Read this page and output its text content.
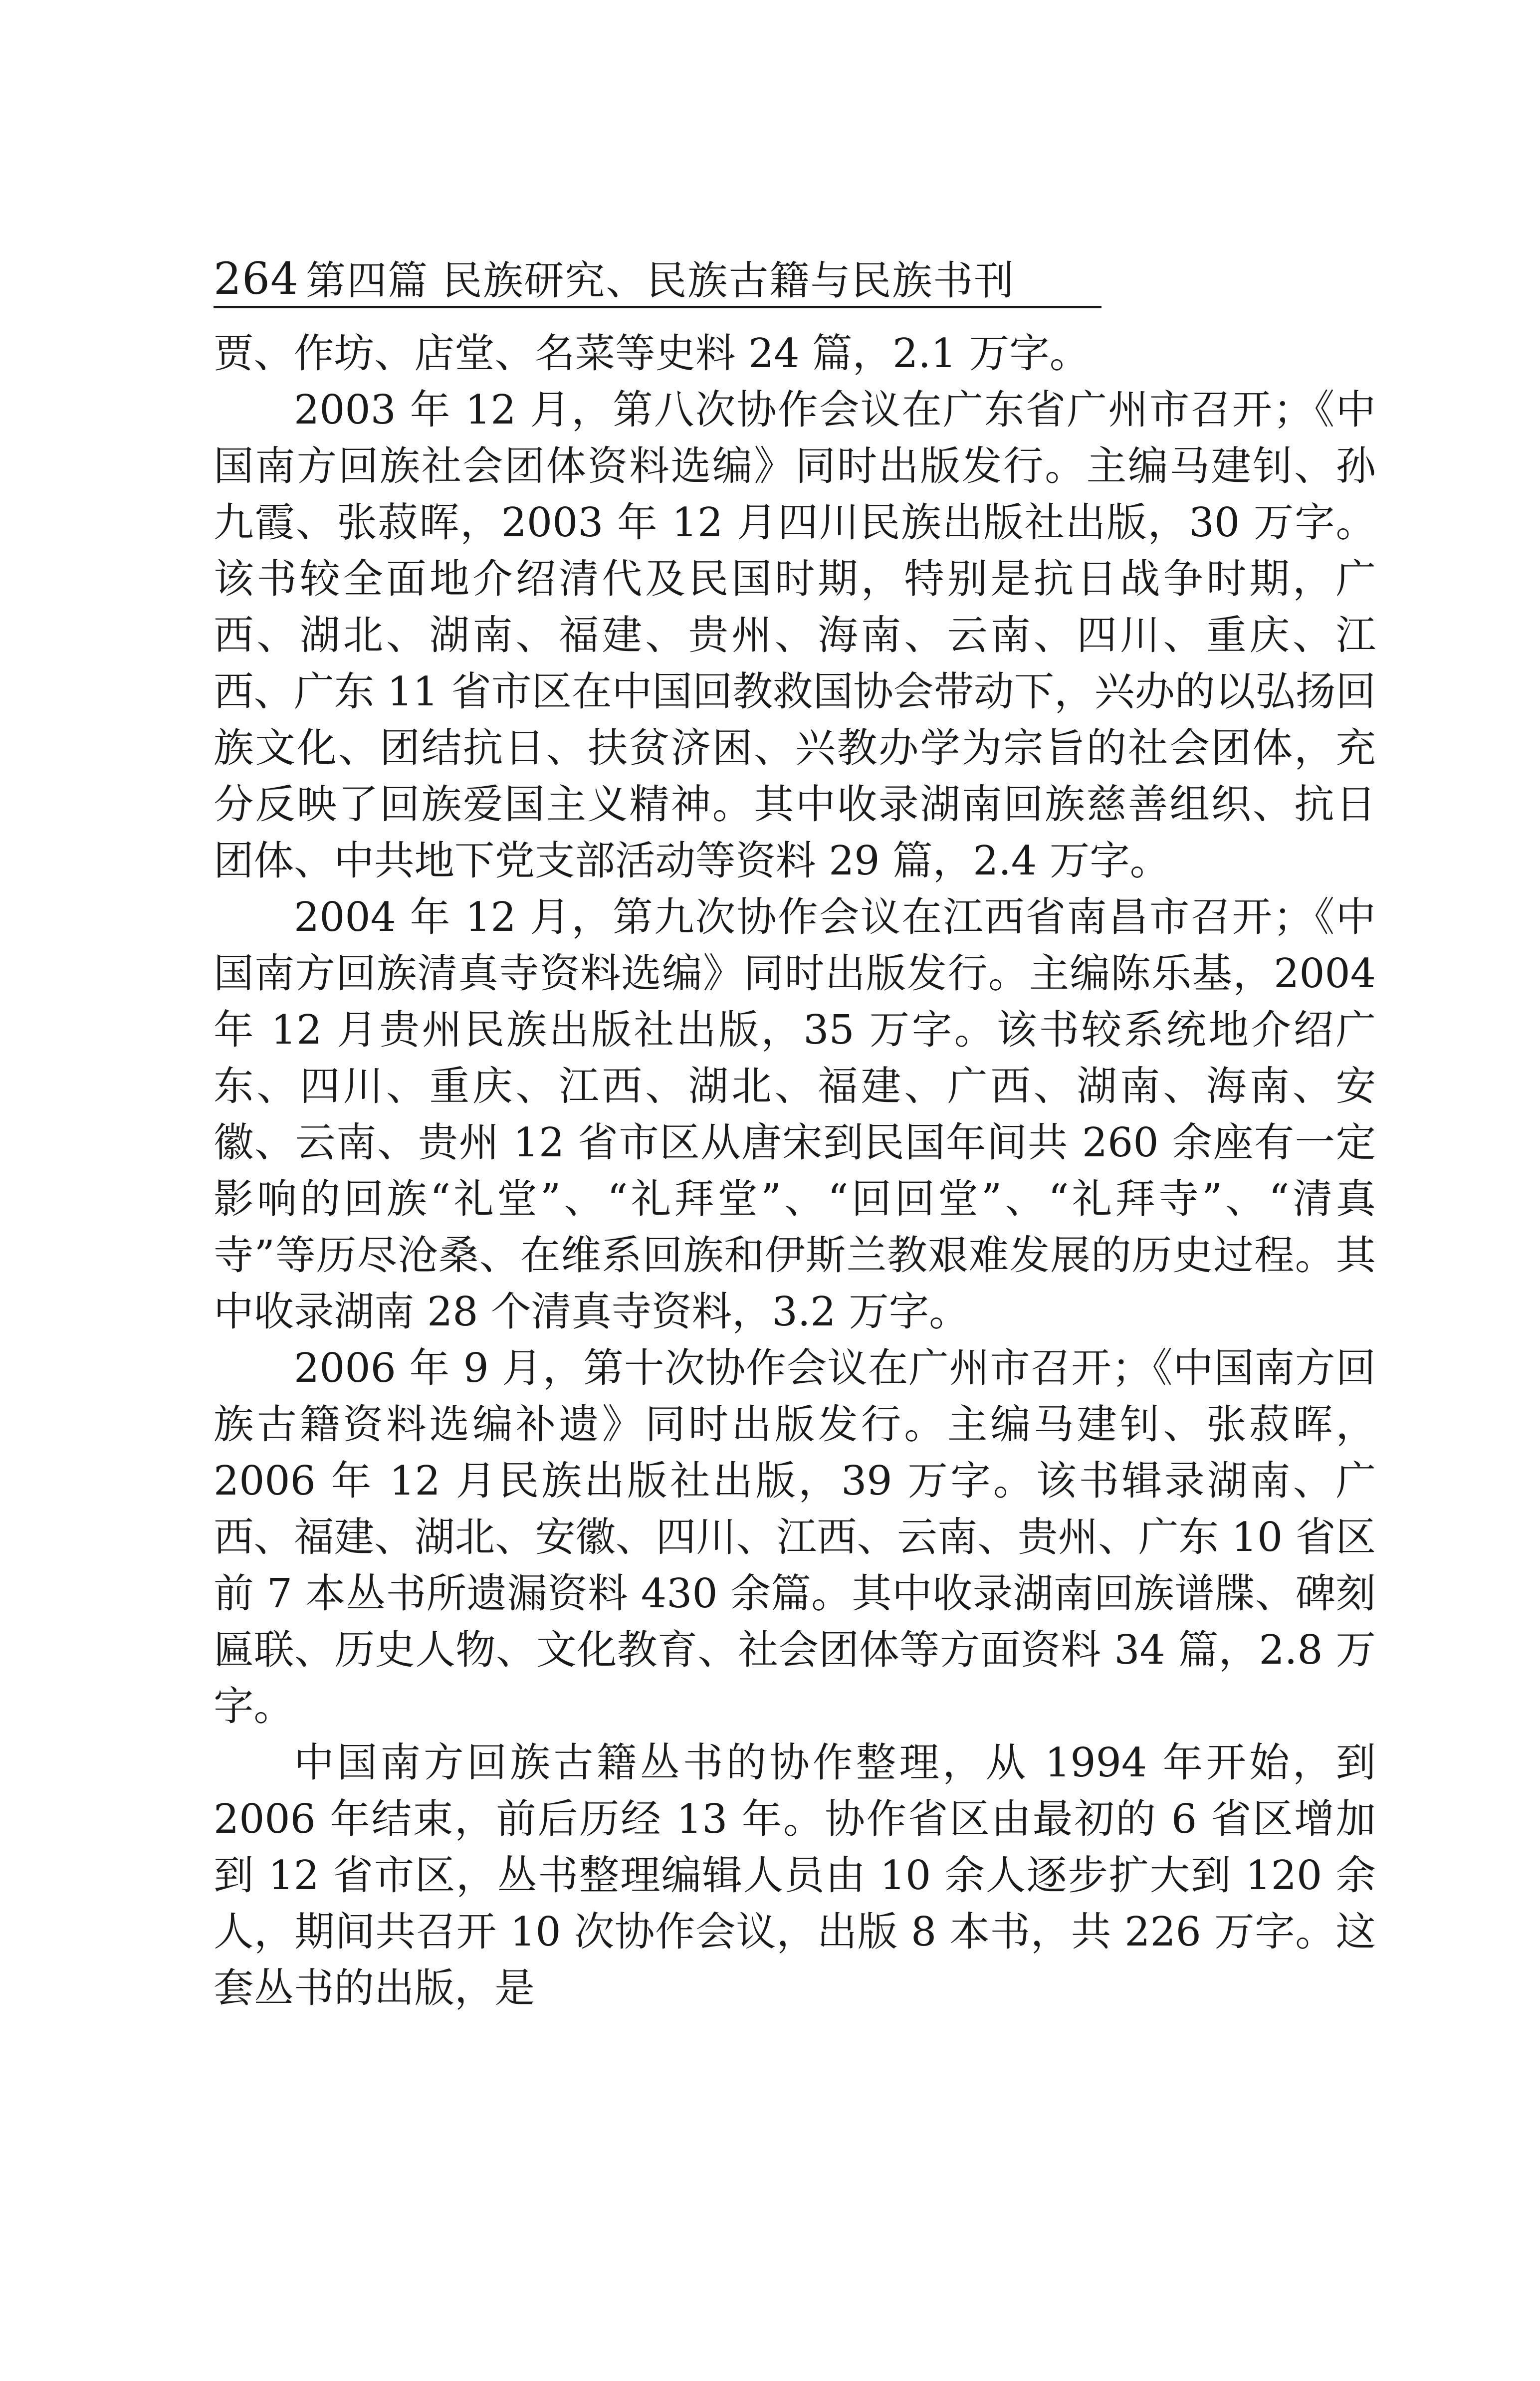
264 第四篇 民族研究、民族古籍与民族书刊

贾、作坊、店堂、名菜等史料 24 篇，2.1 万字。

2003 年 12 月，第八次协作会议在广东省广州市召开；《中国南方回族社会团体资料选编》同时出版发行。主编马建钊、孙九霞、张菽晖，2003 年 12 月四川民族出版社出版，30 万字。该书较全面地介绍清代及民国时期，特别是抗日战争时期，广西、湖北、湖南、福建、贵州、海南、云南、四川、重庆、江西、广东 11 省市区在中国回教救国协会带动下，兴办的以弘扬回族文化、团结抗日、扶贫济困、兴教办学为宗旨的社会团体，充分反映了回族爱国主义精神。其中收录湖南回族慈善组织、抗日团体、中共地下党支部活动等资料 29 篇，2.4 万字。

2004 年 12 月，第九次协作会议在江西省南昌市召开；《中国南方回族清真寺资料选编》同时出版发行。主编陈乐基，2004 年 12 月贵州民族出版社出版，35 万字。该书较系统地介绍广东、四川、重庆、江西、湖北、福建、广西、湖南、海南、安徽、云南、贵州 12 省市区从唐宋到民国年间共 260 余座有一定影响的回族“礼堂”、“礼拜堂”、“回回堂”、“礼拜寺”、“清真寺”等历尽沧桑、在维系回族和伊斯兰教艰难发展的历史过程。其中收录湖南 28 个清真寺资料，3.2 万字。

2006 年 9 月，第十次协作会议在广州市召开；《中国南方回族古籍资料选编补遗》同时出版发行。主编马建钊、张菽晖，2006 年 12 月民族出版社出版，39 万字。该书辑录湖南、广西、福建、湖北、安徽、四川、江西、云南、贵州、广东 10 省区前 7 本丛书所遗漏资料 430 余篇。其中收录湖南回族谱牒、碑刻匾联、历史人物、文化教育、社会团体等方面资料 34 篇，2.8 万字。

中国南方回族古籍丛书的协作整理，从 1994 年开始，到 2006 年结束，前后历经 13 年。协作省区由最初的 6 省区增加到 12 省市区，丛书整理编辑人员由 10 余人逐步扩大到 120 余人，期间共召开 10 次协作会议，出版 8 本书，共 226 万字。这套丛书的出版，是
